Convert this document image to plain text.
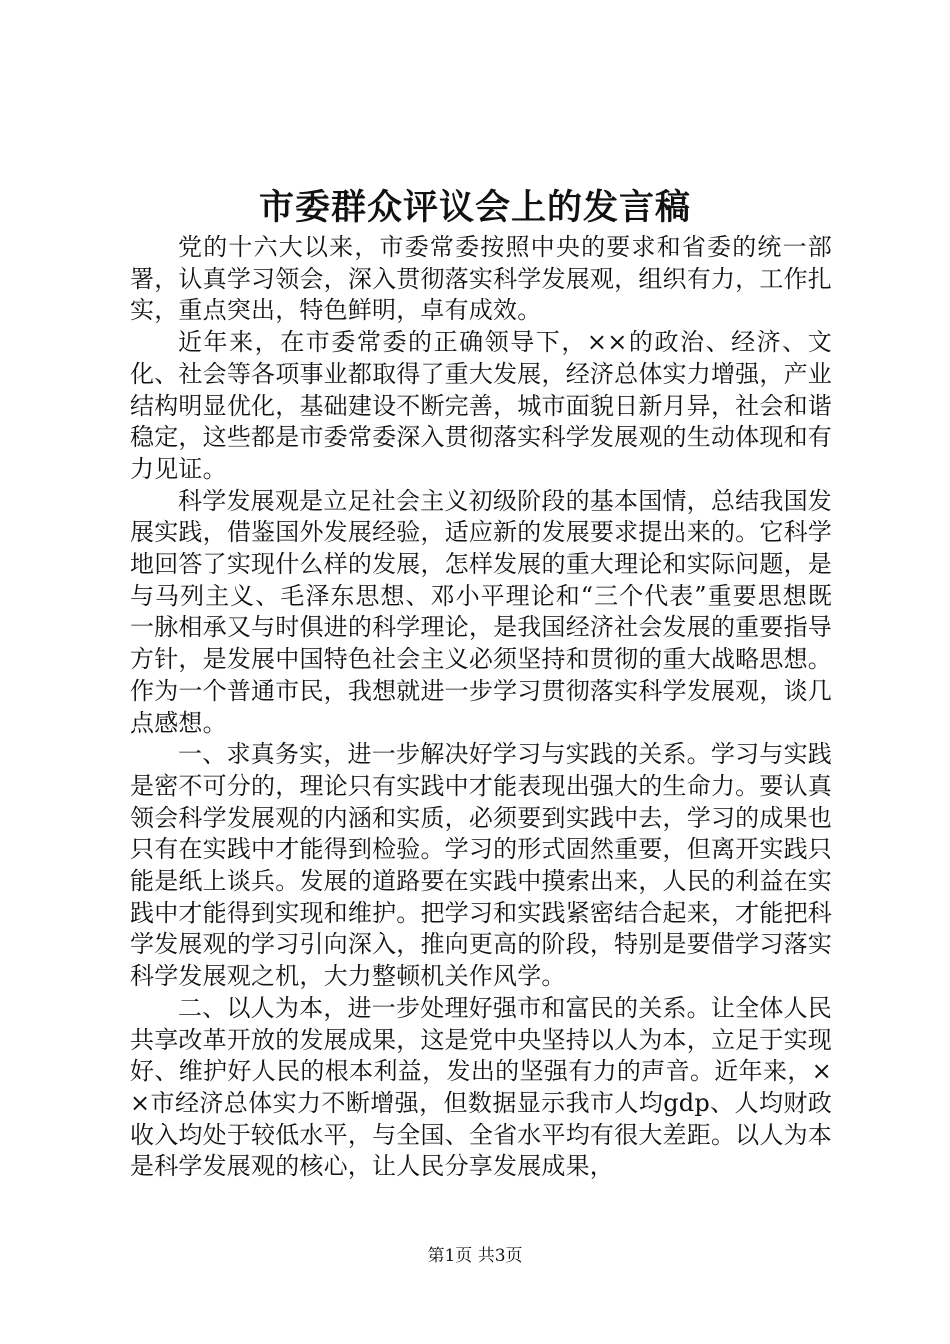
市委群众评议会上的发言稿

党的十六大以来，市委常委按照中央的要求和省委的统一部署，认真学习领会，深入贯彻落实科学发展观，组织有力，工作扎实，重点突出，特色鲜明，卓有成效。

近年来，在市委常委的正确领导下，××的政治、经济、文化、社会等各项事业都取得了重大发展，经济总体实力增强，产业结构明显优化，基础建设不断完善，城市面貌日新月异，社会和谐稳定，这些都是市委常委深入贯彻落实科学发展观的生动体现和有力见证。

科学发展观是立足社会主义初级阶段的基本国情，总结我国发展实践，借鉴国外发展经验，适应新的发展要求提出来的。它科学地回答了实现什么样的发展，怎样发展的重大理论和实际问题，是与马列主义、毛泽东思想、邓小平理论和“三个代表”重要思想既一脉相承又与时俱进的科学理论，是我国经济社会发展的重要指导方针，是发展中国特色社会主义必须坚持和贯彻的重大战略思想。作为一个普通市民，我想就进一步学习贯彻落实科学发展观，谈几点感想。

一、求真务实，进一步解决好学习与实践的关系。学习与实践是密不可分的，理论只有实践中才能表现出强大的生命力。要认真领会科学发展观的内涵和实质，必须要到实践中去，学习的成果也只有在实践中才能得到检验。学习的形式固然重要，但离开实践只能是纸上谈兵。发展的道路要在实践中摸索出来，人民的利益在实践中才能得到实现和维护。把学习和实践紧密结合起来，才能把科学发展观的学习引向深入，推向更高的阶段，特别是要借学习落实科学发展观之机，大力整顿机关作风学。

二、以人为本，进一步处理好强市和富民的关系。让全体人民共享改革开放的发展成果，这是党中央坚持以人为本，立足于实现好、维护好人民的根本利益，发出的坚强有力的声音。近年来，××市经济总体实力不断增强，但数据显示我市人均gdp、人均财政收入均处于较低水平，与全国、全省水平均有很大差距。以人为本是科学发展观的核心，让人民分享发展成果，

第1页 共3页
